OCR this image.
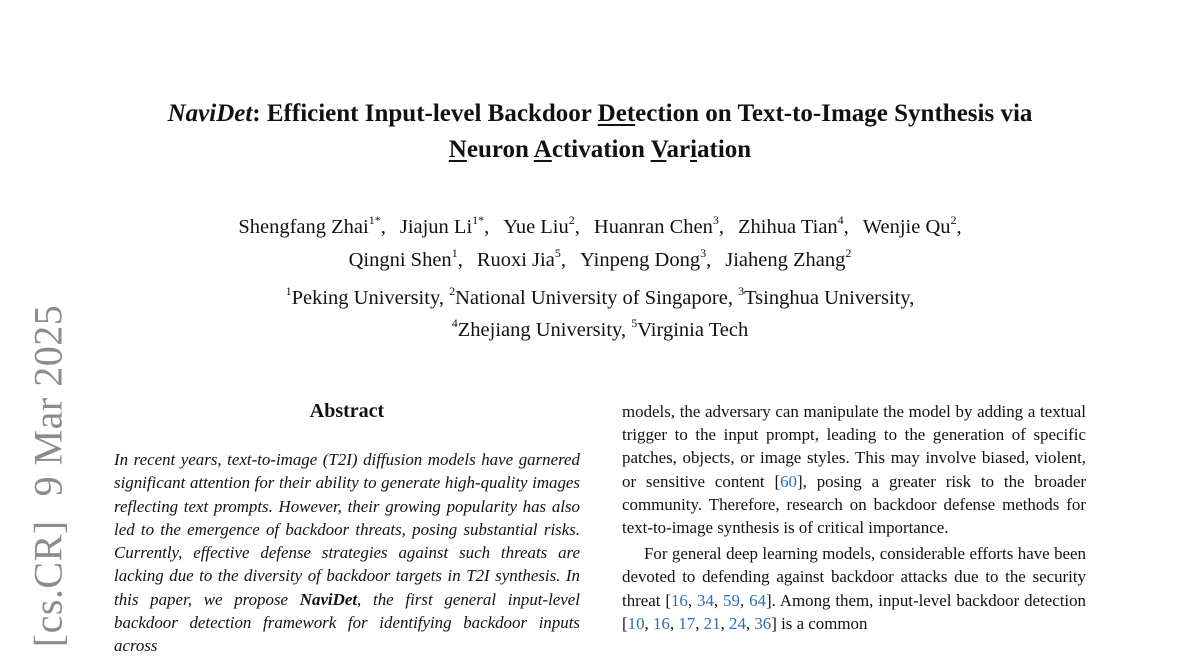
[cs.CR]9 Mar 2025
NaviDet: Efficient Input-level Backdoor Detection on Text-to-Image Synthesis via
Neuron Activation Variation
Shengfang Zhai$^{1*}$, Jiajun $Li^{1*}$, Yue Liu$^2$, Huanran Chen$^3$, Zhihua Tian$^4$, Wenjie Qu$^2$,
Qingni Shen$^1$, Ruoxi Jia$^5$, Yinpeng Dong$^3$, Jiaheng Zhang$^2$
$^1$Peking University, $^2$National University of Singapore, $^3$Tsinghua University,
$^4$Zhejiang University, $^5$Virginia Tech
Abstract

In recent years, text-to-image (T2I) diffusion models have garnered significant attention for their ability to generate high-quality images reflecting text prompts. However, their growing popularity has also led to the emergence of backdoor threats, posing substantial risks. Currently, effective defense strategies against such threats are lacking due to the diversity of backdoor targets in T2I synthesis. In this paper, we propose NaviDet, the first general input-level backdoor detection framework for identifying backdoor inputs across

models, the adversary can manipulate the model by adding a textual trigger to the input prompt, leading to the generation of specific patches, objects, or image styles. This may involve biased, violent, or sensitive content [60], posing a greater risk to the broader community. Therefore, research on backdoor defense methods for text-to-image synthesis is of critical importance.

For general deep learning models, considerable efforts have been devoted to defending against backdoor attacks due to the security threat [16, 34, 59, 64]. Among them, input-level backdoor detection [10, 16, 17, 21, 24, 36] is a common
